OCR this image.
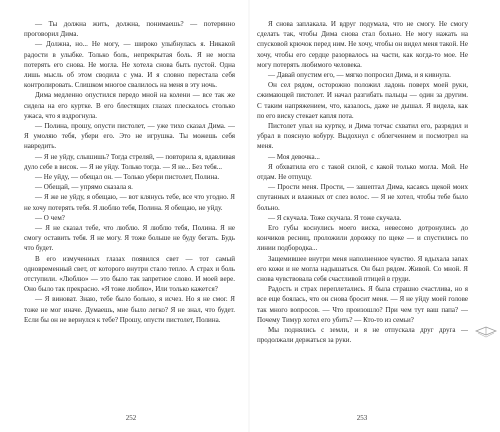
— Ты должна жить, должна, понимаешь? — потерянно проговорил Дима.

— Должна, но... Не могу, — широко улыбнулась я. Никакой радости в улыбке. Только боль, непрекрытая боль. Я не могла потерять его снова. Не могла. Не хотела снова быть пустой. Одна лишь мысль об этом сводила с ума. И я словно перестала себя контролировать. Слишком многое свалилось на меня в эту ночь.

Дима медленно опустился передо мной на колени — все так же сидела на его куртке. В его блестящих глазах плескалось столько ужаса, что я вздрогнула.

— Полина, прошу, опусти пистолет, — уже тихо сказал Дима. — Я умоляю тебя, убери его. Это не игрушка. Ты можешь себя навредить.

— Я не уйду, слышишь? Тогда стреляй, — повторила я, вдавливая дуло себе в висок. — Я не уйду. Только тогда. — Я не... Без тебя...

— Не уйду, — обещал он. — Только убери пистолет, Полина.

— Обещай, — упрямо сказала я.

— Я же не уйду, я обещаю, — вот клянусь тебе, все что угодно. Я не хочу потерять тебя. Я люблю тебя, Полина. Я обещаю, не уйду.

— О чем?

— Я не сказал тебе, что люблю. Я люблю тебя, Полина. Я не смогу оставить тебя. Я не могу. Я тоже больше не буду бегать. Будь что будет.

В его измученных глазах появился свет — тот самый одновременный свет, от которого внутри стало тепло. А страх и боль отступили. «Люблю» — это было так запретное слово. И моей вере. Оно было так прекрасно. «Я тоже люблю», Или только кажется?

— Я виноват. Знаю, тебе было больно, я исчез. Но я не смог. Я тоже не мог иначе. Думаешь, мне было легко? Я не знал, что будет. Если бы он не вернулся к тебе? Прошу, опусти пистолет, Полина.

Я снова заплакала. И вдруг подумала, что не смогу. Не смогу сделать так, чтобы Дима снова стал больно. Не могу нажать на спусковой крючок перед ним. Не хочу, чтобы он видел меня такой. Не хочу, чтобы его сердце разорвалось на части, как когда-то мое. Не могу потерять любимого человека.

— Давай опустим его, — мягко попросил Дима, и я кивнула.

Он сел рядом, осторожно положил ладонь поверх моей руки, сжимающей пистолет. И начал разгибать пальцы — один за другим. С таким напряжением, что, казалось, даже не дышал. Я видела, как по его виску стекает капля пота.

Пистолет упал на куртку, и Дима тотчас схватил его, разрядил и убрал в поясную кобуру. Выдохнул с облегчением и посмотрел на меня.

— Моя девочка...

Я обхватила его с такой силой, с какой только могла. Мой. Не отдам. Не отпущу.

— Прости меня. Прости, — зашептал Дима, касаясь щекой моих спутанных и влажных от слез волос. — Я не хотел, чтобы тебе было больно.

— Я скучала. Тоже скучала. Я тоже скучала.

Его губы коснулись моего виска, невесомо дотронулись до кончиков ресниц, проложили дорожку по щеке — и спустились по линии подбородка...

Защемившее внутри меня наполненное чувство. Я вдыхала запах его кожи и не могла надышаться. Он был рядом. Живой. Со мной. Я снова чувствовала себя счастливой птицей в груди.

Радость и страх переплетались. Я была страшно счастлива, но я все еще боялась, что он снова бросит меня. — Я не уйду моей голове так много вопросов. — Что произошло? При чем тут ваш папа? — Почему Тимур хотел его убить? — Кто-то из семьи?

Мы поднялись с земли, и я не отпускала друг друга — продолжали держаться за руки.

252	253
